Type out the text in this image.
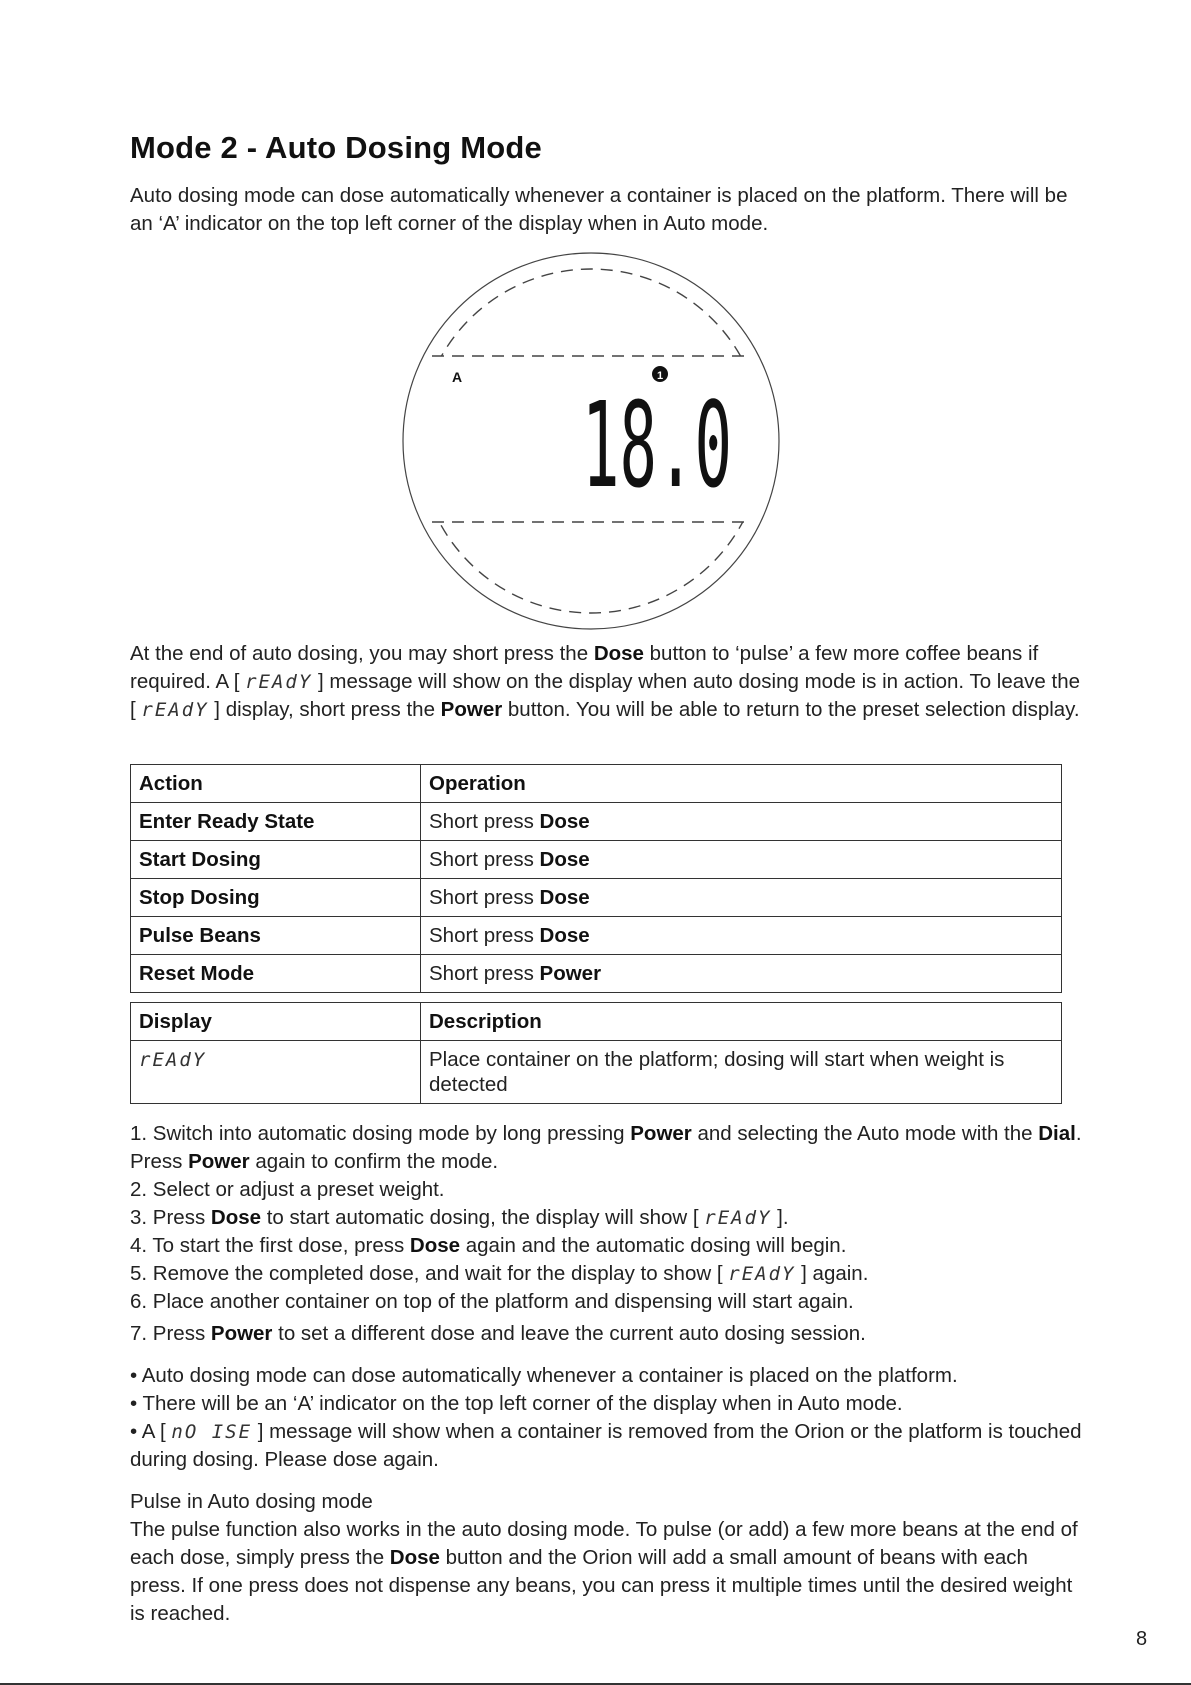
Mode 2 - Auto Dosing Mode

Auto dosing mode can dose automatically whenever a container is placed on the platform. There will be an ‘A’ indicator on the top left corner of the display when in Auto mode.

A	1
18.0

At the end of auto dosing, you may short press the Dose button to ‘pulse’ a few more coffee beans if required. A [ rEAdY ] message will show on the display when auto dosing mode is in action. To leave the [ rEAdY ] display, short press the Power button. You will be able to return to the preset selection display.

Action	Operation
Enter Ready State	Short press Dose
Start Dosing	Short press Dose
Stop Dosing	Short press Dose
Pulse Beans	Short press Dose
Reset Mode	Short press Power
Display	Description
rEAdY	Place container on the platform; dosing will start when weight is detected

1. Switch into automatic dosing mode by long pressing Power and selecting the Auto mode with the Dial. Press Power again to confirm the mode.

2. Select or adjust a preset weight.

3. Press Dose to start automatic dosing, the display will show [ rEAdY ].

4. To start the first dose, press Dose again and the automatic dosing will begin.

5. Remove the completed dose, and wait for the display to show [ rEAdY ] again.

6. Place another container on top of the platform and dispensing will start again.

7. Press Power to set a different dose and leave the current auto dosing session.

• Auto dosing mode can dose automatically whenever a container is placed on the platform.

• There will be an ‘A’ indicator on the top left corner of the display when in Auto mode.

• A [ nO ISE ] message will show when a container is removed from the Orion or the platform is touched during dosing. Please dose again.

Pulse in Auto dosing mode

The pulse function also works in the auto dosing mode. To pulse (or add) a few more beans at the end of each dose, simply press the Dose button and the Orion will add a small amount of beans with each press. If one press does not dispense any beans, you can press it multiple times until the desired weight is reached.

8
